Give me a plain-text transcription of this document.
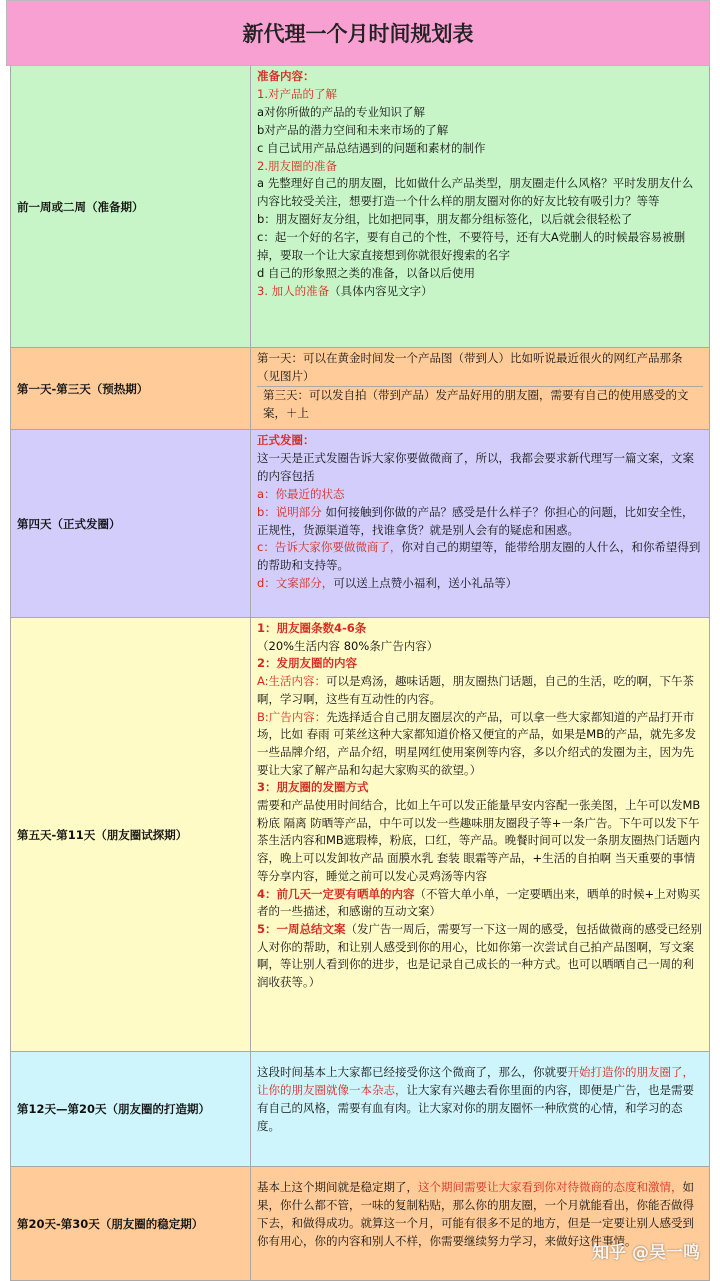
新代理一个月时间规划表
前一周或二周（准备期）

准备内容：

1.对产品的了解

a对你所做的产品的专业知识了解

b对产品的潜力空间和未来市场的了解

c 自己试用产品总结遇到的问题和素材的制作

2.朋友圈的准备

a 先整理好自己的朋友圈，比如做什么产品类型，朋友圈走什么风格？平时发朋友什么内容比较受关注，想要打造一个什么样的朋友圈对你的好友比较有吸引力？等等

b：朋友圈好友分组，比如把同事，朋友都分组标签化，以后就会很轻松了

c：起一个好的名字，要有自己的个性，不要符号，还有大A党删人的时候最容易被删掉，要取一个让大家直接想到你就很好搜索的名字

d 自己的形象照之类的准备，以备以后使用

3. 加人的准备（具体内容见文字）

第一天-第三天（预热期）

第一天：可以在黄金时间发一个产品图（带到人）比如听说最近很火的网红产品那条（见图片）

第三天：可以发自拍（带到产品）发产品好用的朋友圈，需要有自己的使用感受的文案，＋上

第四天（正式发圈）

正式发圈：

这一天是正式发圈告诉大家你要做微商了，所以，我都会要求新代理写一篇文案，文案的内容包括

a：你最近的状态

b：说明部分 如何接触到你做的产品？感受是什么样子？你担心的问题，比如安全性，正规性，货源渠道等，找谁拿货？就是别人会有的疑虑和困惑。

c：告诉大家你要做微商了，你对自己的期望等，能带给朋友圈的人什么，和你希望得到的帮助和支持等。

d：文案部分，可以送上点赞小福利，送小礼品等）

第五天-第11天（朋友圈试探期）

1：朋友圈条数4-6条

（20%生活内容 80%条广告内容）

2：发朋友圈的内容

A:生活内容：可以是鸡汤，趣味话题，朋友圈热门话题，自己的生活，吃的啊，下午茶啊，学习啊，这些有互动性的内容。

B:广告内容：先选择适合自己朋友圈层次的产品，可以拿一些大家都知道的产品打开市场，比如 春雨 可莱丝这种大家都知道价格又便宜的产品，如果是MB的产品，就先多发一些品牌介绍，产品介绍，明星网红使用案例等内容，多以介绍式的发圈为主，因为先要让大家了解产品和勾起大家购买的欲望。）

3：朋友圈的发圈方式

需要和产品使用时间结合，比如上午可以发正能量早安内容配一张美图，上午可以发MB粉底 隔离 防晒等产品，中午可以发一些趣味朋友圈段子等+一条广告。下午可以发下午茶生活内容和MB遮瑕棒，粉底，口红，等产品。晚餐时间可以发一条朋友圈热门话题内容，晚上可以发卸妆产品 面膜水乳 套装 眼霜等产品，+生活的自拍啊 当天重要的事情等分享内容，睡觉之前可以发心灵鸡汤等内容

4：前几天一定要有晒单的内容（不管大单小单，一定要晒出来，晒单的时候+上对购买者的一些描述，和感谢的互动文案）

5：一周总结文案（发广告一周后，需要写一下这一周的感受，包括做微商的感受已经别人对你的帮助，和让别人感受到你的用心，比如你第一次尝试自己拍产品图啊，写文案啊，等让别人看到你的进步，也是记录自己成长的一种方式。也可以晒晒自己一周的利润收获等。）

第12天—第20天（朋友圈的打造期）

这段时间基本上大家都已经接受你这个微商了，那么，你就要开始打造你的朋友圈了，让你的朋友圈就像一本杂志，让大家有兴趣去看你里面的内容，即便是广告，也是需要有自己的风格，需要有血有肉。让大家对你的朋友圈怀一种欣赏的心情，和学习的态度。

第20天-第30天（朋友圈的稳定期）

基本上这个期间就是稳定期了，这个期间需要让大家看到你对待微商的态度和激情，如果，你什么都不管，一味的复制粘贴，那么你的朋友圈，一个月就能看出，你能否做得下去，和做得成功。就算这一个月，可能有很多不足的地方，但是一定要让别人感受到你有用心，你的内容和别人不样，你需要继续努力学习，来做好这件事情。

知乎 @吴一鸣
